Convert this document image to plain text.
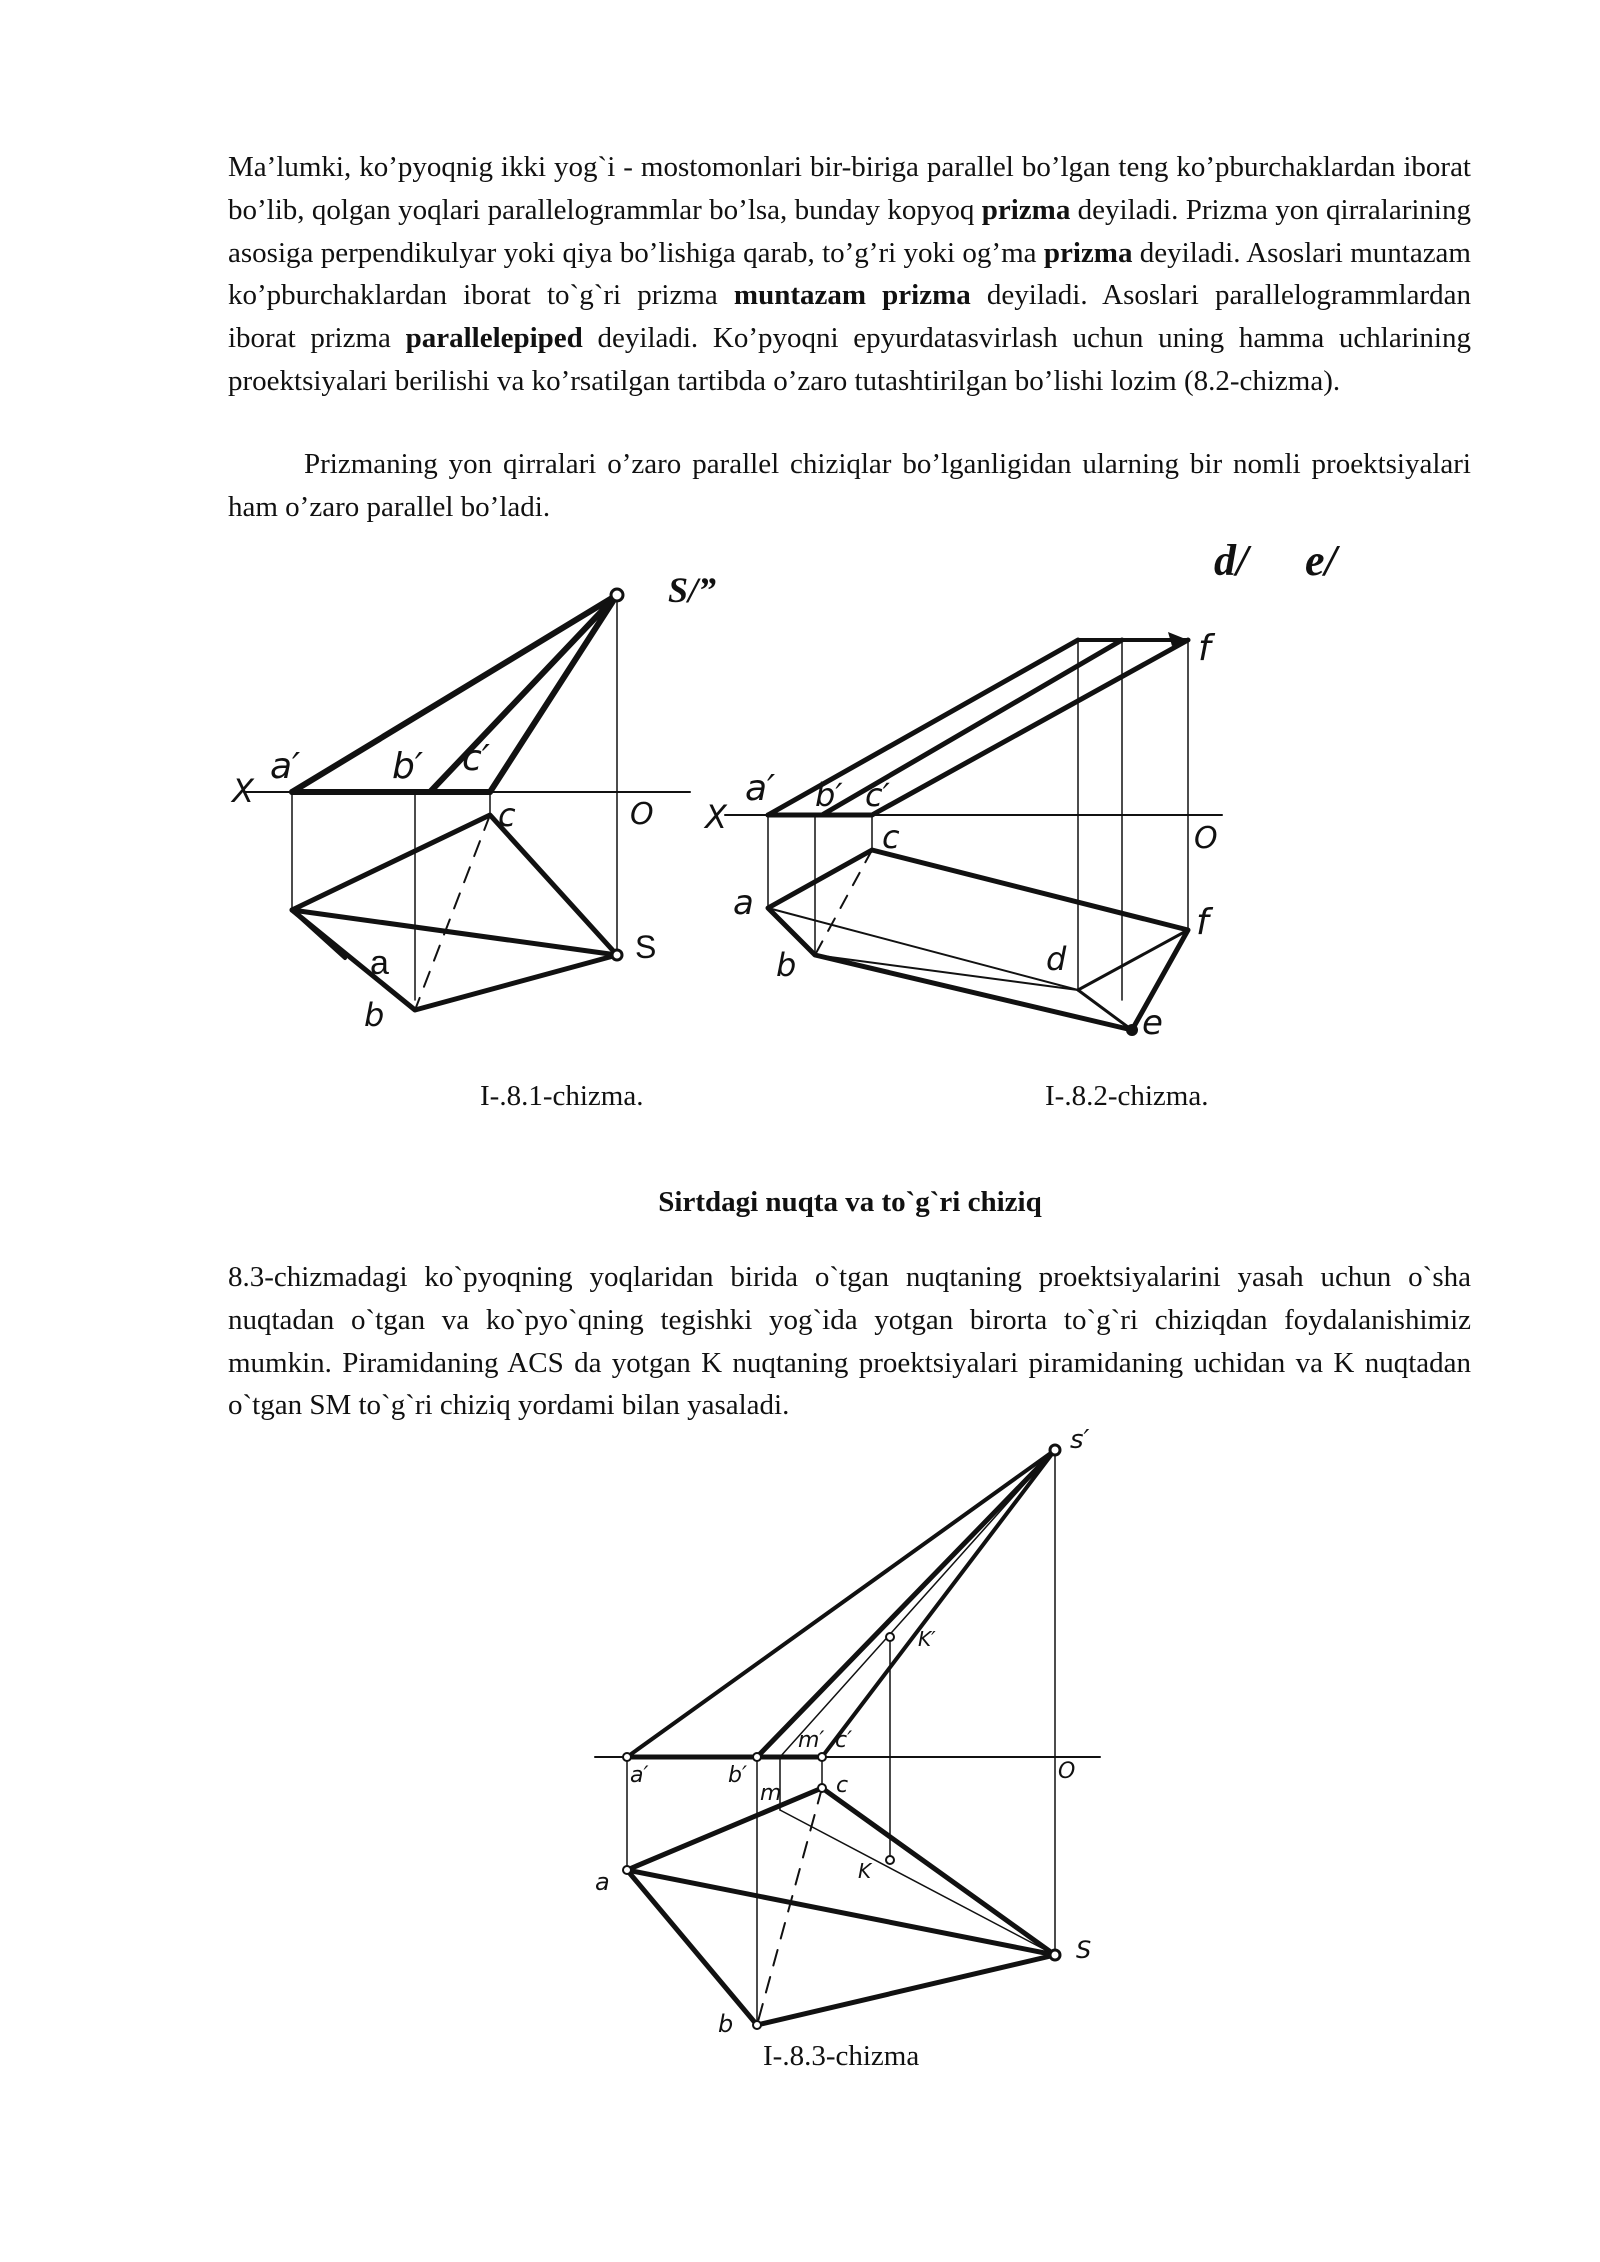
Ma’lumki, ko’pyoqnig ikki yog`i - mostomonlari bir-biriga parallel bo’lgan teng ko’pburchaklardan iborat bo’lib, qolgan yoqlari parallelogrammlar bo’lsa, bunday kopyoq prizma deyiladi. Prizma yon qirralarining asosiga perpendikulyar yoki qiya bo’lishiga qarab, to’g’ri yoki og’ma prizma deyiladi. Asoslari muntazam ko’pburchaklardan iborat to`g`ri prizma muntazam prizma deyiladi. Asoslari parallelogrammlardan iborat prizma parallelepiped deyiladi. Ko’pyoqni epyurdatasvirlash uchun uning hamma uchlarining proektsiyalari berilishi va ko’rsatilgan tartibda o’zaro tutashtirilgan bo’lishi lozim (8.2-chizma).

Prizmaning yon qirralari o’zaro parallel chiziqlar bo’lganligidan ularning bir nomli proektsiyalari ham o’zaro parallel bo’ladi.

S/”
a′	b′ c′
X
O
c
a
b
S
d/ e/
f
a′ b′ c′
X
O
c
a
b	d
f
e
I-.8.1-chizma.	I-.8.2-chizma.
Sirtdagi nuqta va to`g`ri chiziq

8.3-chizmadagi ko`pyoqning yoqlaridan birida o`tgan nuqtaning proektsiyalarini yasah uchun o`sha nuqtadan o`tgan va ko`pyo`qning tegishki yog`ida yotgan birorta to`g`ri chiziqdan foydalanishimiz mumkin. Piramidaning ACS da yotgan K nuqtaning proektsiyalari piramidaning uchidan va K nuqtadan o`tgan SM to`g`ri chiziq yordami bilan yasaladi.

s′
K′
m′ c′
a′	b′	O
m c
a	K
S
b
I-.8.3-chizma
